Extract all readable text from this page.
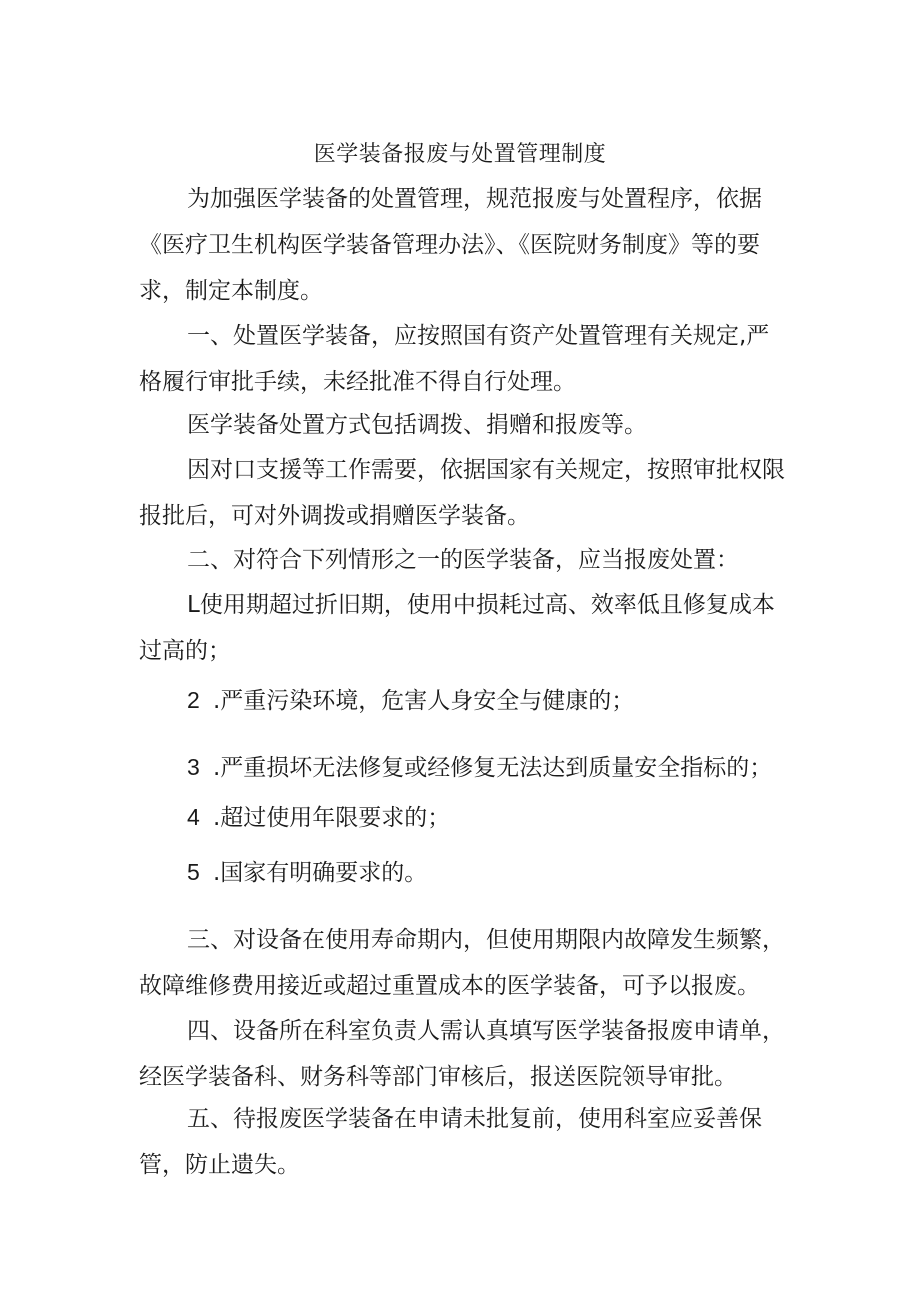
医学装备报废与处置管理制度
为加强医学装备的处置管理，规范报废与处置程序，依据
《医疗卫生机构医学装备管理办法》、《医院财务制度》等的要
求，制定本制度。
一、处置医学装备，应按照国有资产处置管理有关规定,严
格履行审批手续，未经批准不得自行处理。
医学装备处置方式包括调拨、捐赠和报废等。
因对口支援等工作需要，依据国家有关规定，按照审批权限
报批后，可对外调拨或捐赠医学装备。
二、对符合下列情形之一的医学装备，应当报废处置：
L使用期超过折旧期，使用中损耗过高、效率低且修复成本
过高的；
2 .严重污染环境，危害人身安全与健康的；
3 .严重损坏无法修复或经修复无法达到质量安全指标的；
4 .超过使用年限要求的；
5 .国家有明确要求的。
三、对设备在使用寿命期内，但使用期限内故障发生频繁，
故障维修费用接近或超过重置成本的医学装备，可予以报废。
四、设备所在科室负责人需认真填写医学装备报废申请单，
经医学装备科、财务科等部门审核后，报送医院领导审批。
五、待报废医学装备在申请未批复前，使用科室应妥善保
管，防止遗失。
